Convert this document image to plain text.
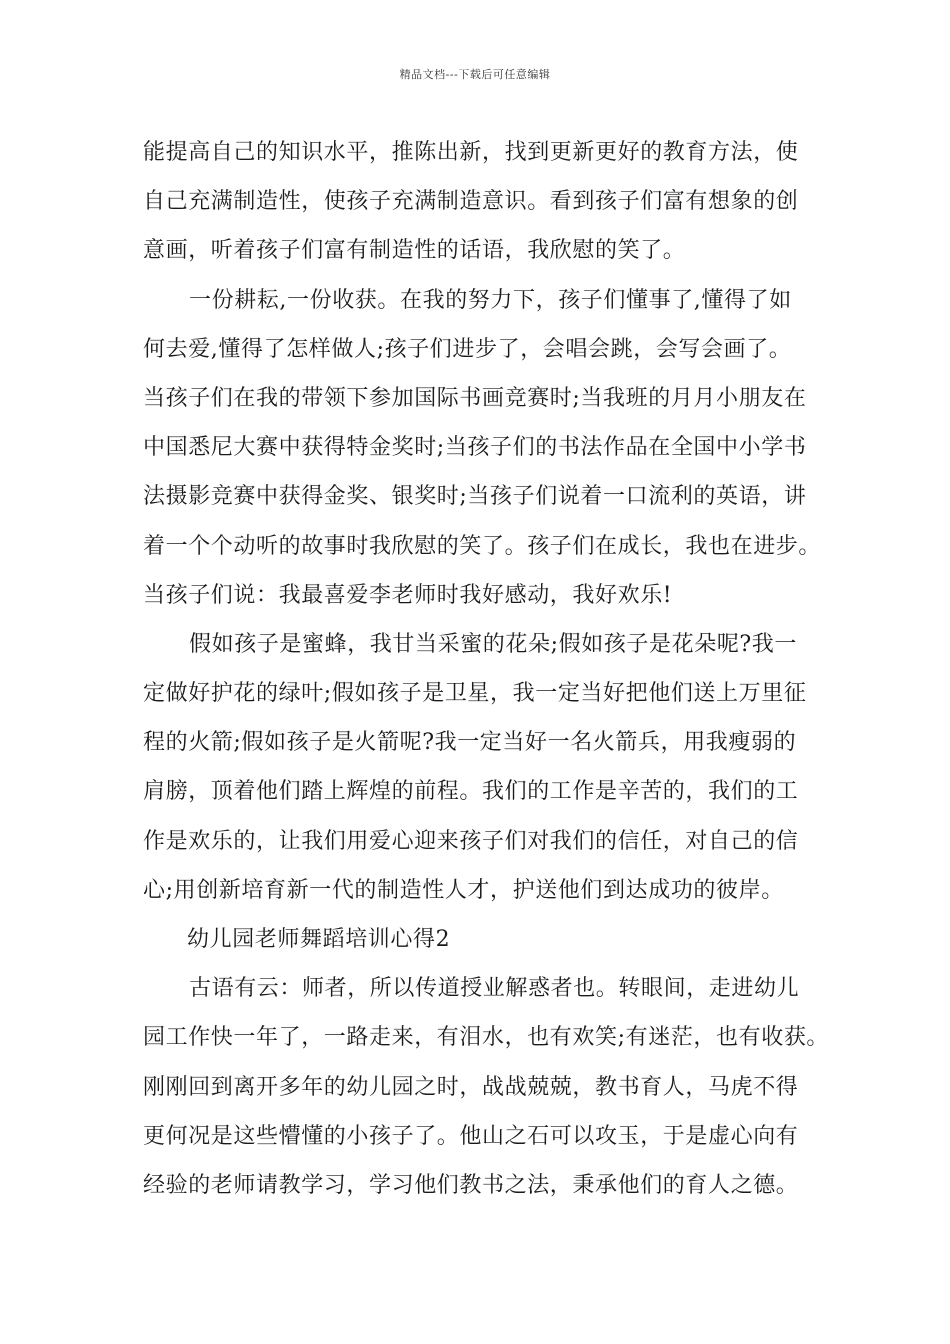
精品文档---下载后可任意编辑
能提高自己的知识水平，推陈出新，找到更新更好的教育方法，使
自己充满制造性，使孩子充满制造意识。看到孩子们富有想象的创
意画，听着孩子们富有制造性的话语，我欣慰的笑了。
一份耕耘,一份收获。在我的努力下，孩子们懂事了,懂得了如
何去爱,懂得了怎样做人;孩子们进步了，会唱会跳，会写会画了。
当孩子们在我的带领下参加国际书画竞赛时;当我班的月月小朋友在
中国悉尼大赛中获得特金奖时;当孩子们的书法作品在全国中小学书
法摄影竞赛中获得金奖、银奖时;当孩子们说着一口流利的英语，讲
着一个个动听的故事时我欣慰的笑了。孩子们在成长，我也在进步。
当孩子们说：我最喜爱李老师时我好感动，我好欢乐!
假如孩子是蜜蜂，我甘当采蜜的花朵;假如孩子是花朵呢?我一
定做好护花的绿叶;假如孩子是卫星，我一定当好把他们送上万里征
程的火箭;假如孩子是火箭呢?我一定当好一名火箭兵，用我瘦弱的
肩膀，顶着他们踏上辉煌的前程。我们的工作是辛苦的，我们的工
作是欢乐的，让我们用爱心迎来孩子们对我们的信任，对自己的信
心;用创新培育新一代的制造性人才，护送他们到达成功的彼岸。
幼儿园老师舞蹈培训心得2
古语有云：师者，所以传道授业解惑者也。转眼间，走进幼儿
园工作快一年了，一路走来，有泪水，也有欢笑;有迷茫，也有收获。
刚刚回到离开多年的幼儿园之时，战战兢兢，教书育人，马虎不得
更何况是这些懵懂的小孩子了。他山之石可以攻玉，于是虚心向有
经验的老师请教学习，学习他们教书之法，秉承他们的育人之德。
